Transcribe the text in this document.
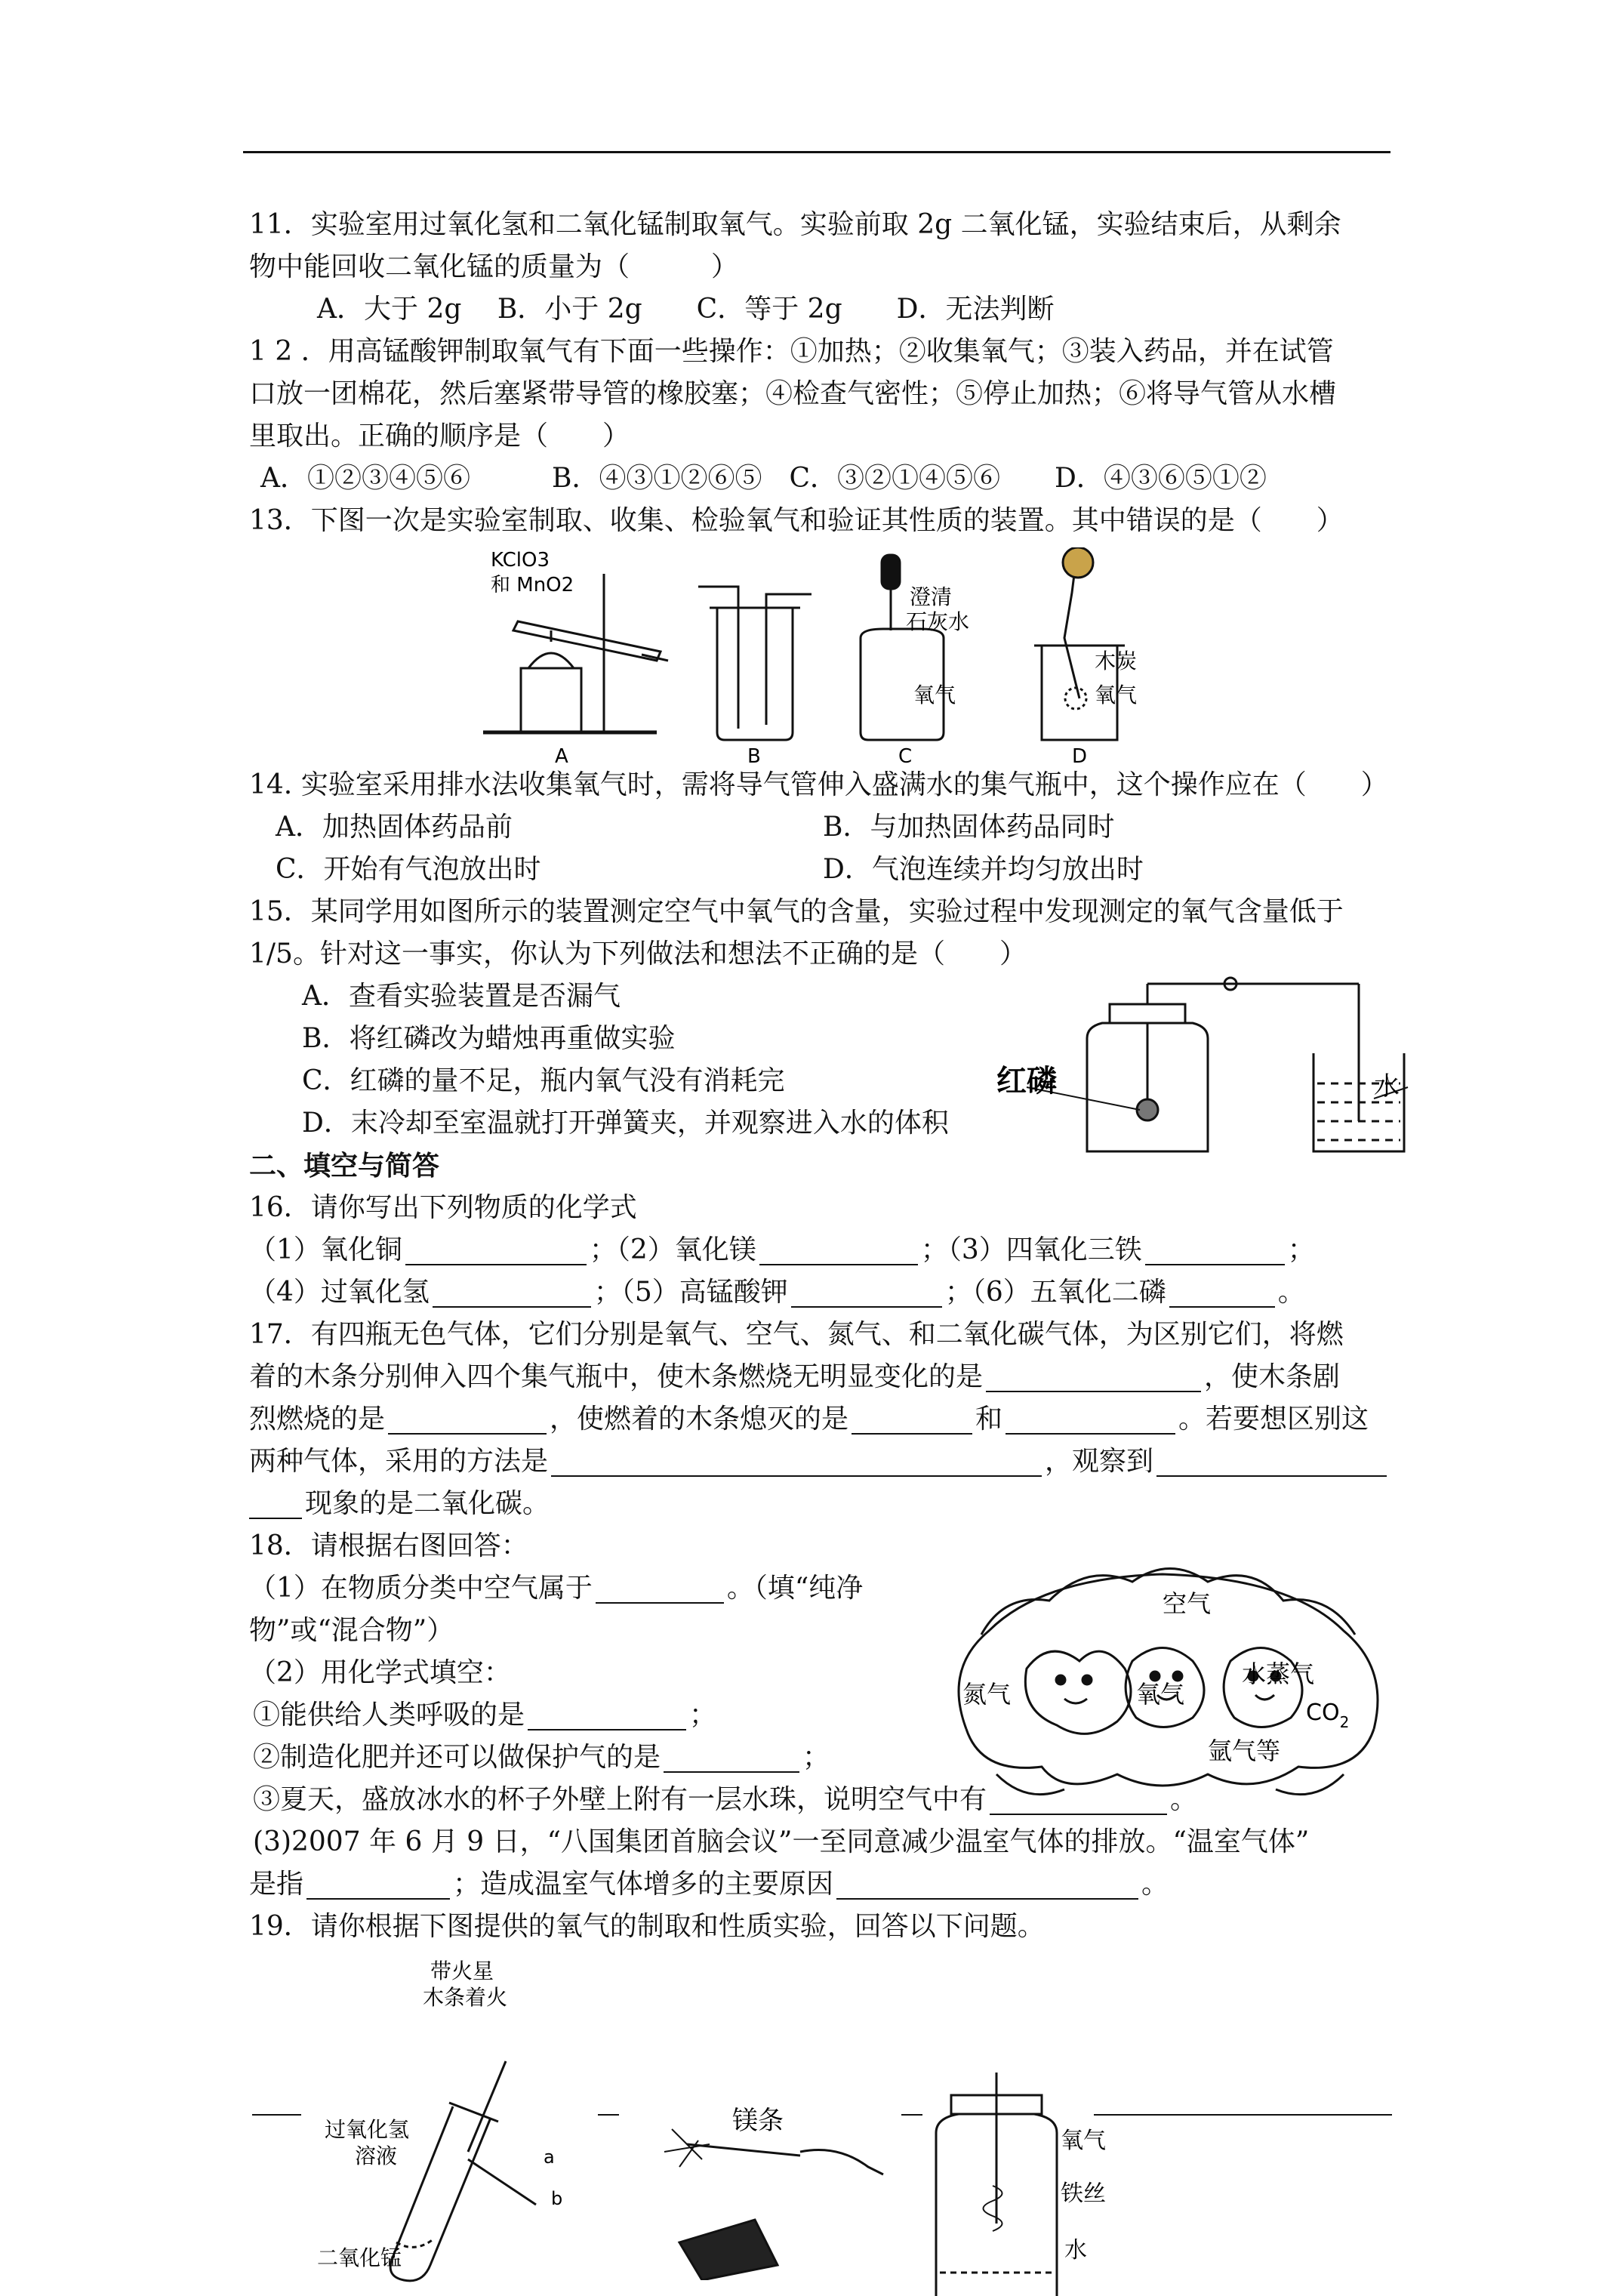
11．实验室用过氧化氢和二氧化锰制取氧气。实验前取 2g 二氧化锰，实验结束后，从剩余
物中能回收二氧化锰的质量为（　　　）
A．大于 2g　 B．小于 2g　　C．等于 2g　　D．无法判断
1 2 ．用高锰酸钾制取氧气有下面一些操作：①加热；②收集氧气；③装入药品，并在试管
口放一团棉花，然后塞紧带导管的橡胶塞；④检查气密性；⑤停止加热；⑥将导气管从水槽
里取出。正确的顺序是（　　）
A．①②③④⑤⑥　　　B．④③①②⑥⑤　C．③②①④⑤⑥　　D．④③⑥⑤①②
13．下图一次是实验室制取、收集、检验氧气和验证其性质的装置。其中错误的是（　　）
KClO3
和 MnO2	澄清
石灰水
氧气
木炭
氧气
A	B	C	D
14. 实验室采用排水法收集氧气时，需将导气管伸入盛满水的集气瓶中，这个操作应在（　　）
A．加热固体药品前	B．与加热固体药品同时
C．开始有气泡放出时	D．气泡连续并均匀放出时
15．某同学用如图所示的装置测定空气中氧气的含量，实验过程中发现测定的氧气含量低于
1/5。针对这一事实，你认为下列做法和想法不正确的是（　　）
A．查看实验装置是否漏气
B．将红磷改为蜡烛再重做实验
C．红磷的量不足，瓶内氧气没有消耗完
D．末冷却至室温就打开弹簧夹，并观察进入水的体积
红磷	水
二、填空与简答
16．请你写出下列物质的化学式
（1）氧化铜	；（2）氧化镁	；（3）四氧化三铁	；
（4）过氧化氢	；（5）高锰酸钾	；（6）五氧化二磷	。
17．有四瓶无色气体，它们分别是氧气、空气、氮气、和二氧化碳气体，为区别它们，将燃
着的木条分别伸入四个集气瓶中，使木条燃烧无明显变化的是	，使木条剧
烈燃烧的是	，使燃着的木条熄灭的是	和	。若要想区别这
两种气体，采用的方法是	，观察到
现象的是二氧化碳。
18．请根据右图回答：
（1）在物质分类中空气属于	。（填“纯净
物”或“混合物”）
（2）用化学式填空：
①能供给人类呼吸的是	；
②制造化肥并还可以做保护气的是	；
③夏天，盛放冰水的杯子外壁上附有一层水珠，说明空气中有	。
(3)2007 年 6 月 9 日，“八国集团首脑会议”一至同意减少温室气体的排放。“温室气体”
是指	；造成温室气体增多的主要原因	。
空气
氮气	氧气
水蒸气
$CO_2$
氩气等
19．请你根据下图提供的氧气的制取和性质实验，回答以下问题。
带火星
木条着火
过氧化氢
溶液
二氧化锰
a
b
镁条
氧气
铁丝
水
